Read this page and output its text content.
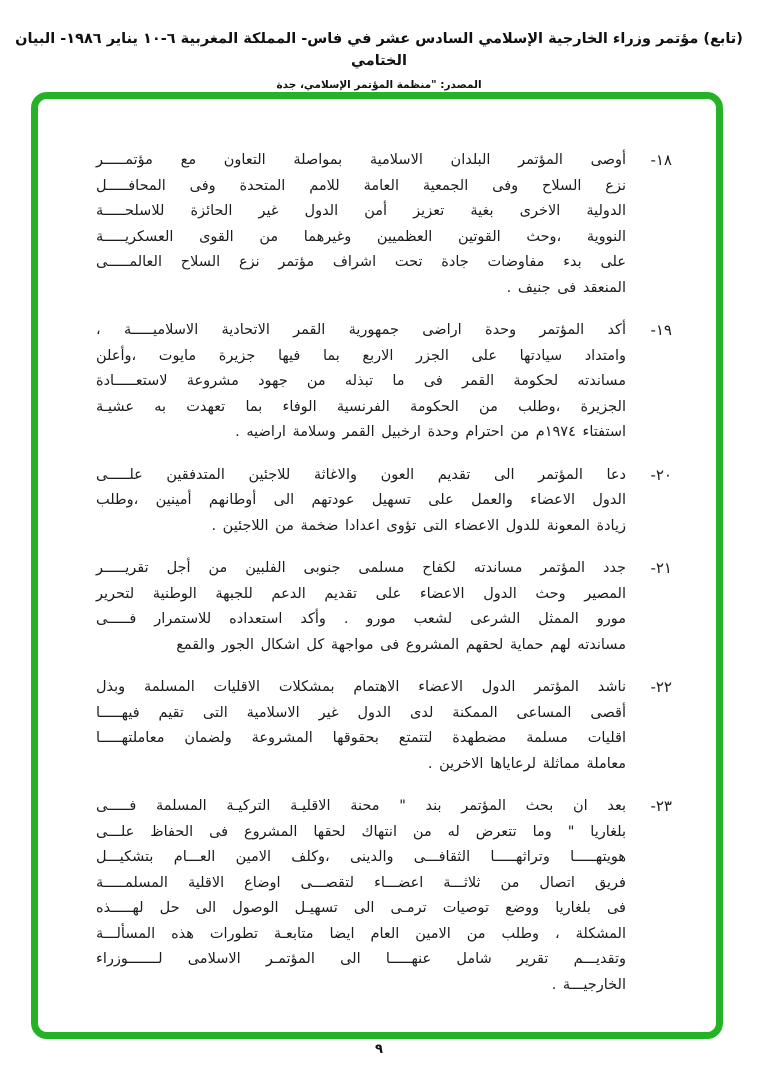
(تابع) مؤتمر وزراء الخارجية الإسلامي السادس عشر في فاس- المملكة المغربية ٦-١٠ يناير ١٩٨٦- البيان الختامي
المصدر: "منظمة المؤتمر الإسلامي، جدة
١٨-
أوصى المؤتمر البلدان الاسلامية بمواصلة التعاون مع مؤتمـــــر
نزع السلاح وفى الجمعية العامة للامم المتحدة وفى المحافـــــل
الدولية الاخرى بغية تعزيز أمن الدول غير الحائزة للاسلحـــــة
النووية ،وحث القوتين العظميين وغيرهما من القوى العسكريـــــة
على بدء مفاوضات جادة تحت اشراف مؤتمر نزع السلاح العالمـــــى
المنعقد فى جنيف .
١٩-
أكد المؤتمر وحدة اراضى جمهورية القمر الاتحادية الاسلاميـــــة ،
وامتداد سيادتها على الجزر الاربع بما فيها جزيرة مايوت ،وأعلن
مساندته لحكومة القمر فى ما تبذله من جهود مشروعة لاستعـــــادة
الجزيرة ،وطلب من الحكومة الفرنسية الوفاء بما تعهدت به عشيـة
استفتاء ١٩٧٤م من احترام وحدة ارخبيل القمر وسلامة اراضيه .
٢٠-
دعا المؤتمر الى تقديم العون والاغاثة للاجئين المتدفقين علـــــى
الدول الاعضاء والعمل على تسهيل عودتهم الى أوطانهم أمينين ،وطلب
زيادة المعونة للدول الاعضاء التى تؤوى اعدادا ضخمة من اللاجئين .
٢١-
جدد المؤتمر مساندته لكفاح مسلمى جنوبى الفلبين من أجل تقريـــــر
المصير وحث الدول الاعضاء على تقديم الدعم للجبهة الوطنية لتحرير
مورو الممثل الشرعى لشعب مورو . وأكد استعداده للاستمرار فـــــى
مساندته لهم حماية لحقهم المشروع فى مواجهة كل اشكال الجور والقمع
٢٢-
ناشد المؤتمر الدول الاعضاء الاهتمام بمشكلات الاقليات المسلمة وبذل
أقصى المساعى الممكنة لدى الدول غير الاسلامية التى تقيم فيهـــــا
اقليات مسلمة مضطهدة لتتمتع بحقوقها المشروعة ولضمان معاملتهـــــا
معاملة مماثلة لرعاياها الاخرين .
٢٣-
بعد ان بحث المؤتمر بند " محنة الاقليـة التركيـة المسلمة فـــــى
بلغاريا " وما تتعرض له من انتهاك لحقها المشروع فى الحفاظ علـــى
هويتهـــــا وتراثهـــــا الثقافـــى والدينى ،وكلف الامين العـــام بتشكيـــل
فريق اتصال من ثلاثـــة اعضـــاء لتقصـــى اوضاع الاقلية المسلمـــــة
فى بلغاريا ووضع توصيات ترمـى الى تسهيـل الوصول الى حل لهـــــذه
المشكلة ، وطلب من الامين العام ايضا متابعـة تطورات هذه المسألـــة
وتقديـــم تقرير شامل عنهـــــا الى المؤتمـر الاسلامى لـــــــوزراء
الخارجيـــة .
٩
